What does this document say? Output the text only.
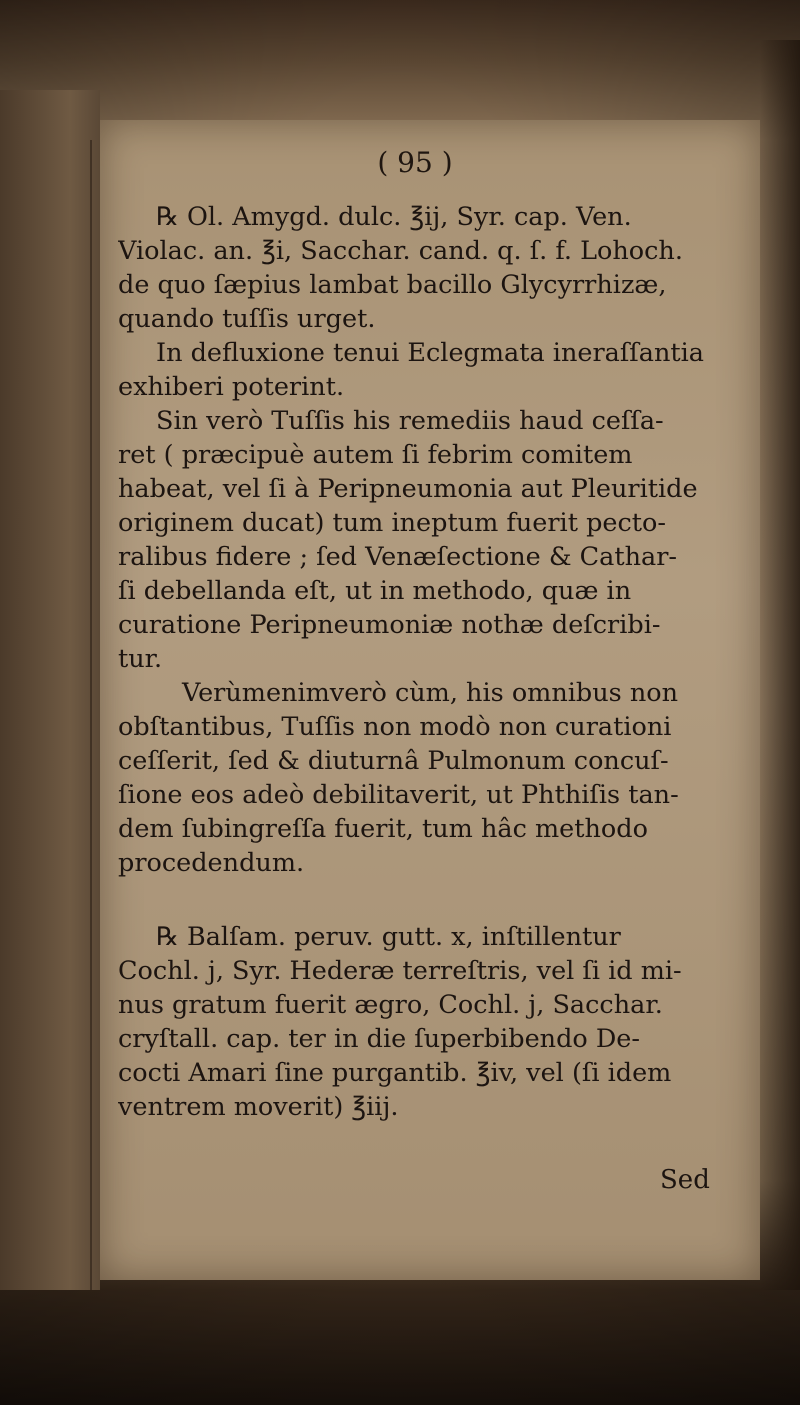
( 95 )
℞ Ol. Amygd. dulc. ℥ij, Syr. cap. Ven.
Violac. an. ℥i, Sacchar. cand. q. ſ. f. Lohoch.
de quo ſæpius lambat bacillo Glycyrrhizæ,
quando tuſſis urget.
In defluxione tenui Eclegmata ineraſſantia
exhiberi poterint.
Sin verò Tuſſis his remediis haud ceſſa-
ret ( præcipuè autem ſi febrim comitem
habeat, vel ſi à Peripneumonia aut Pleuritide
originem ducat) tum ineptum fuerit pecto-
ralibus fidere ; ſed Venæſectione & Cathar-
ſi debellanda eſt, ut in methodo, quæ in
curatione Peripneumoniæ nothæ deſcribi-
tur.
Verùmenimverò cùm, his omnibus non
obſtantibus, Tuſſis non modò non curationi
ceſſerit, ſed & diuturnâ Pulmonum concuſ-
ſione eos adeò debilitaverit, ut Phthiſis tan-
dem ſubingreſſa fuerit, tum hâc methodo
procedendum.
℞ Balſam. peruv. gutt. x, inſtillentur
Cochl. j, Syr. Hederæ terreſtris, vel ſi id mi-
nus gratum fuerit ægro, Cochl. j, Sacchar.
cryſtall. cap. ter in die ſuperbibendo De-
cocti Amari ſine purgantib. ℥iv, vel (ſi idem
ventrem moverit) ℥iij.
Sed
